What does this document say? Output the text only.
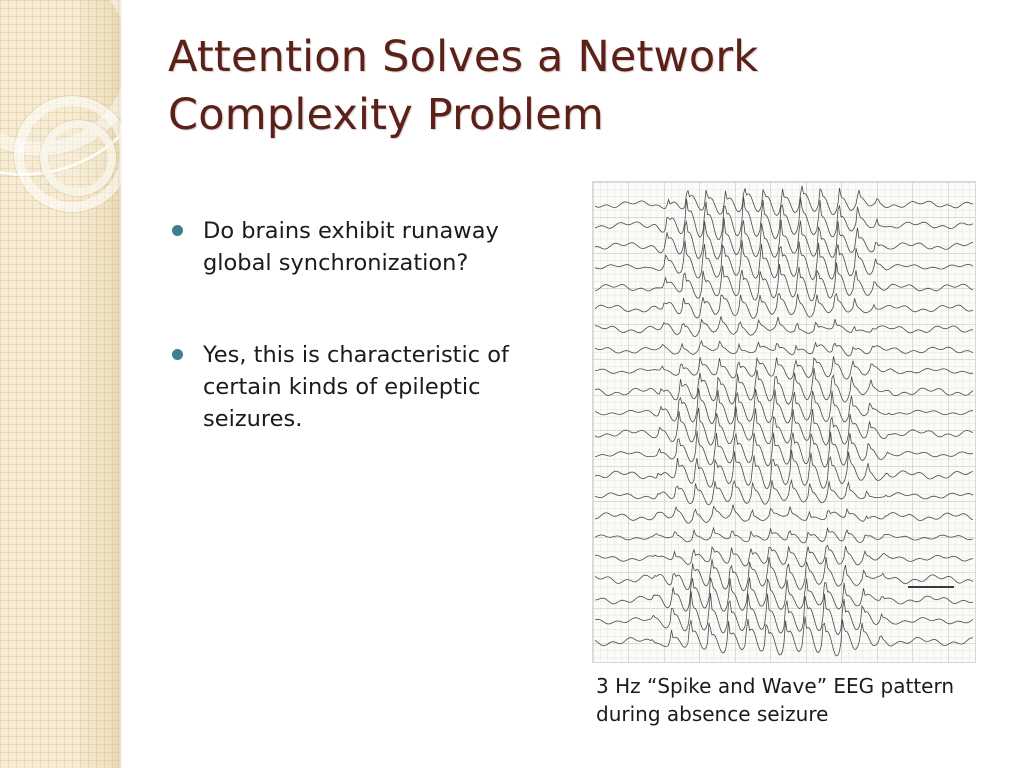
Attention Solves a Network Complexity Problem
Do brains exhibit runaway global synchronization?
Yes, this is characteristic of certain kinds of epileptic seizures.
3 Hz “Spike and Wave” EEG pattern during absence seizure
